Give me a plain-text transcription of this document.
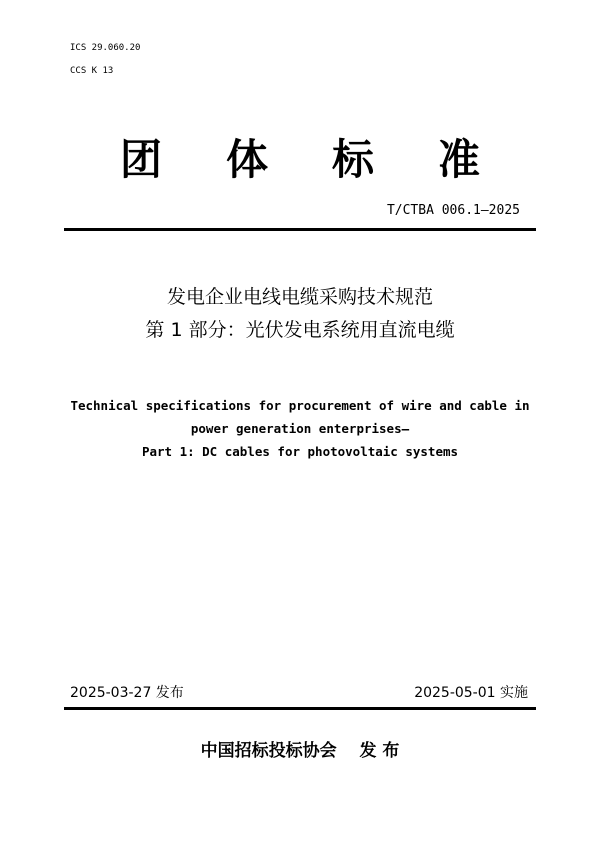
ICS 29.060.20
CCS K 13
团 体 标 准
T/CTBA 006.1—2025
发电企业电线电缆采购技术规范
第 1 部分：光伏发电系统用直流电缆
Technical specifications for procurement of wire and cable in
power generation enterprises—
Part 1: DC cables for photovoltaic systems
2025-03-27 发布	2025-05-01 实施
中国招标投标协会　 发 布
